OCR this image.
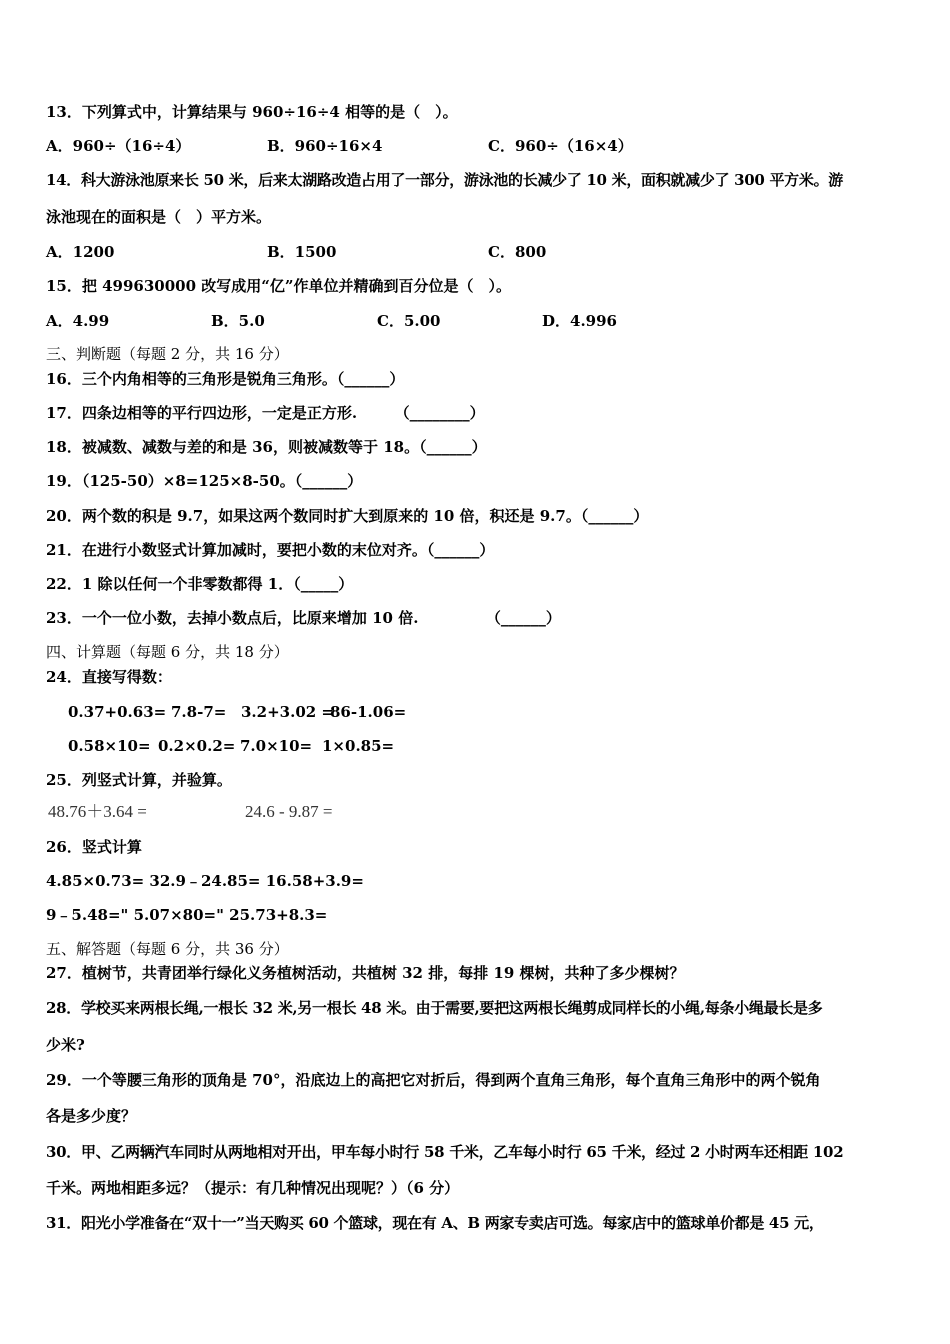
13．下列算式中，计算结果与 960÷16÷4 相等的是（　）。
A．960÷（16÷4）	B．960÷16×4	C．960÷（16×4）
14．科大游泳池原来长 50 米，后来太湖路改造占用了一部分，游泳池的长减少了 10 米，面积就减少了 300 平方米。游
泳池现在的面积是（　）平方米。
A．1200	B．1500	C．800
15．把 499630000 改写成用“亿”作单位并精确到百分位是（　）。
A．4.99	B．5.0	C．5.00	D．4.996
三、判断题（每题 2 分，共 16 分）
16．三个内角相等的三角形是锐角三角形。（______）
17．四条边相等的平行四边形，一定是正方形.　　　（________）
18．被减数、减数与差的和是 36，则被减数等于 18。（______）
19．（125-50）×8=125×8-50。（______）
20．两个数的积是 9.7，如果这两个数同时扩大到原来的 10 倍，积还是 9.7。（______）
21．在进行小数竖式计算加减时，要把小数的末位对齐。（______）
22．1 除以任何一个非零数都得 1．（_____）
23．一个一位小数，去掉小数点后，比原来增加 10 倍.　　　　　（______）
四、计算题（每题 6 分，共 18 分）
24．直接写得数：
0.37+0.63= 7.8-7= 3.2+3.02 =
86-1.06=
0.58×10= 0.2×0.2= 7.0×10= 1×0.85=
25．列竖式计算，并验算。
48.76＋3.64 =	24.6 - 9.87 =
26．竖式计算
4.85×0.73= 32.9﹣24.85= 16.58+3.9=
9﹣5.48=" 5.07×80=" 25.73+8.3=
五、解答题（每题 6 分，共 36 分）
27．植树节，共青团举行绿化义务植树活动，共植树 32 排，每排 19 棵树，共种了多少棵树？
28．学校买来两根长绳,一根长 32 米,另一根长 48 米。由于需要,要把这两根长绳剪成同样长的小绳,每条小绳最长是多
少米?
29．一个等腰三角形的顶角是 70°，沿底边上的高把它对折后，得到两个直角三角形，每个直角三角形中的两个锐角
各是多少度？
30．甲、乙两辆汽车同时从两地相对开出，甲车每小时行 58 千米，乙车每小时行 65 千米，经过 2 小时两车还相距 102
千米。两地相距多远？（提示：有几种情况出现呢？）（6 分）
31．阳光小学准备在“双十一”当天购买 60 个篮球，现在有 A、B 两家专卖店可选。每家店中的篮球单价都是 45 元，
